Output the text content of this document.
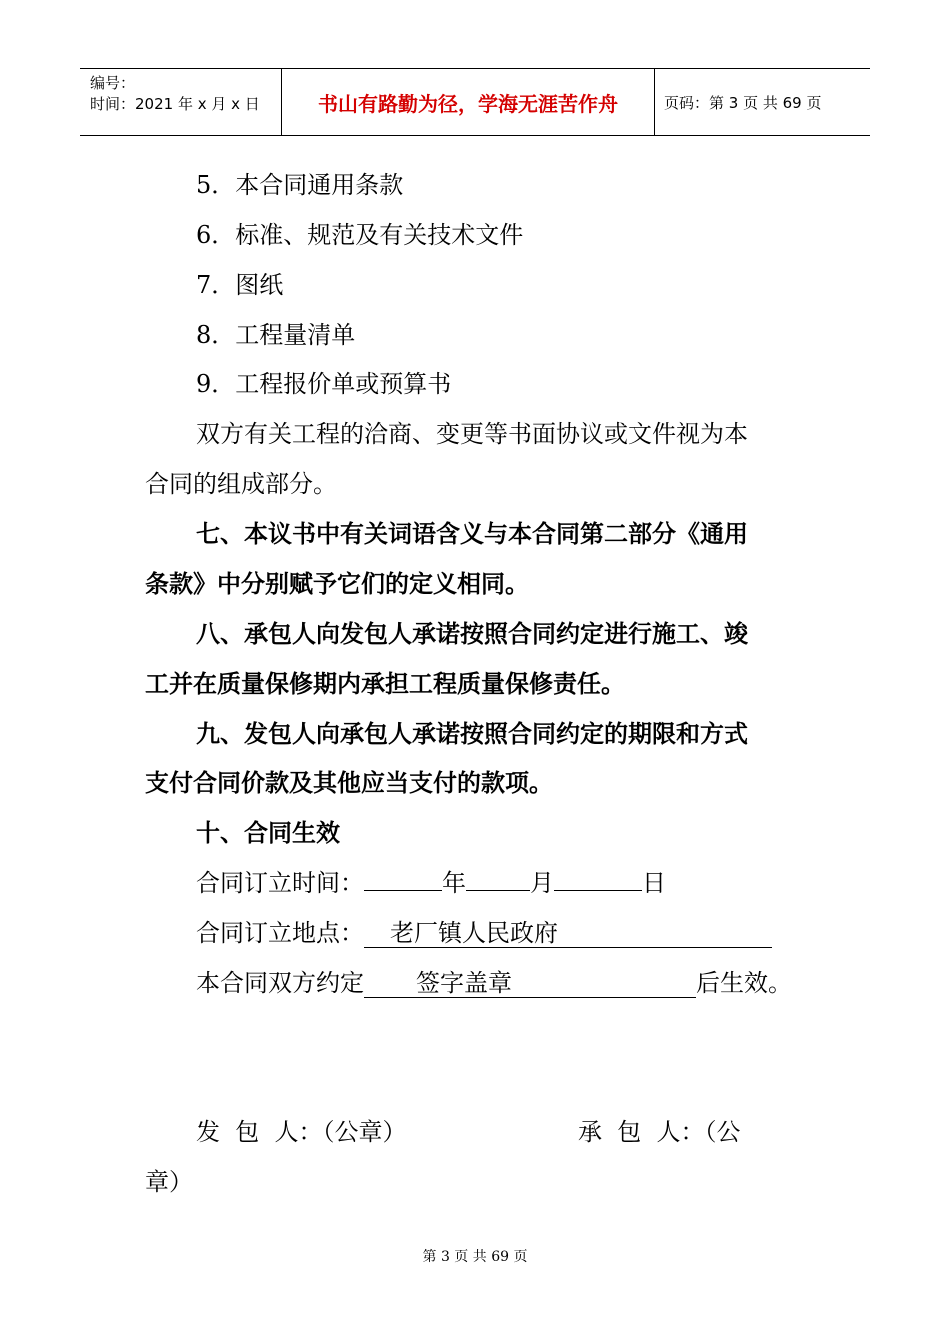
编号：
时间：2021 年 x 月 x 日	书山有路勤为径，学海无涯苦作舟	页码：第 3 页 共 69 页
5．本合同通用条款
6．标准、规范及有关技术文件
7．图纸
8．工程量清单
9．工程报价单或预算书
双方有关工程的洽商、变更等书面协议或文件视为本
合同的组成部分。
七、本议书中有关词语含义与本合同第二部分《通用
条款》中分别赋予它们的定义相同。
八、承包人向发包人承诺按照合同约定进行施工、竣
工并在质量保修期内承担工程质量保修责任。
九、发包人向承包人承诺按照合同约定的期限和方式
支付合同价款及其他应当支付的款项。
十、合同生效
合同订立时间：	年	月	日
合同订立地点： 老厂镇人民政府
本合同双方约定 签字盖章	后生效。
发  包  人：（公章）	承  包  人：（公
章）
第 3 页 共 69 页
